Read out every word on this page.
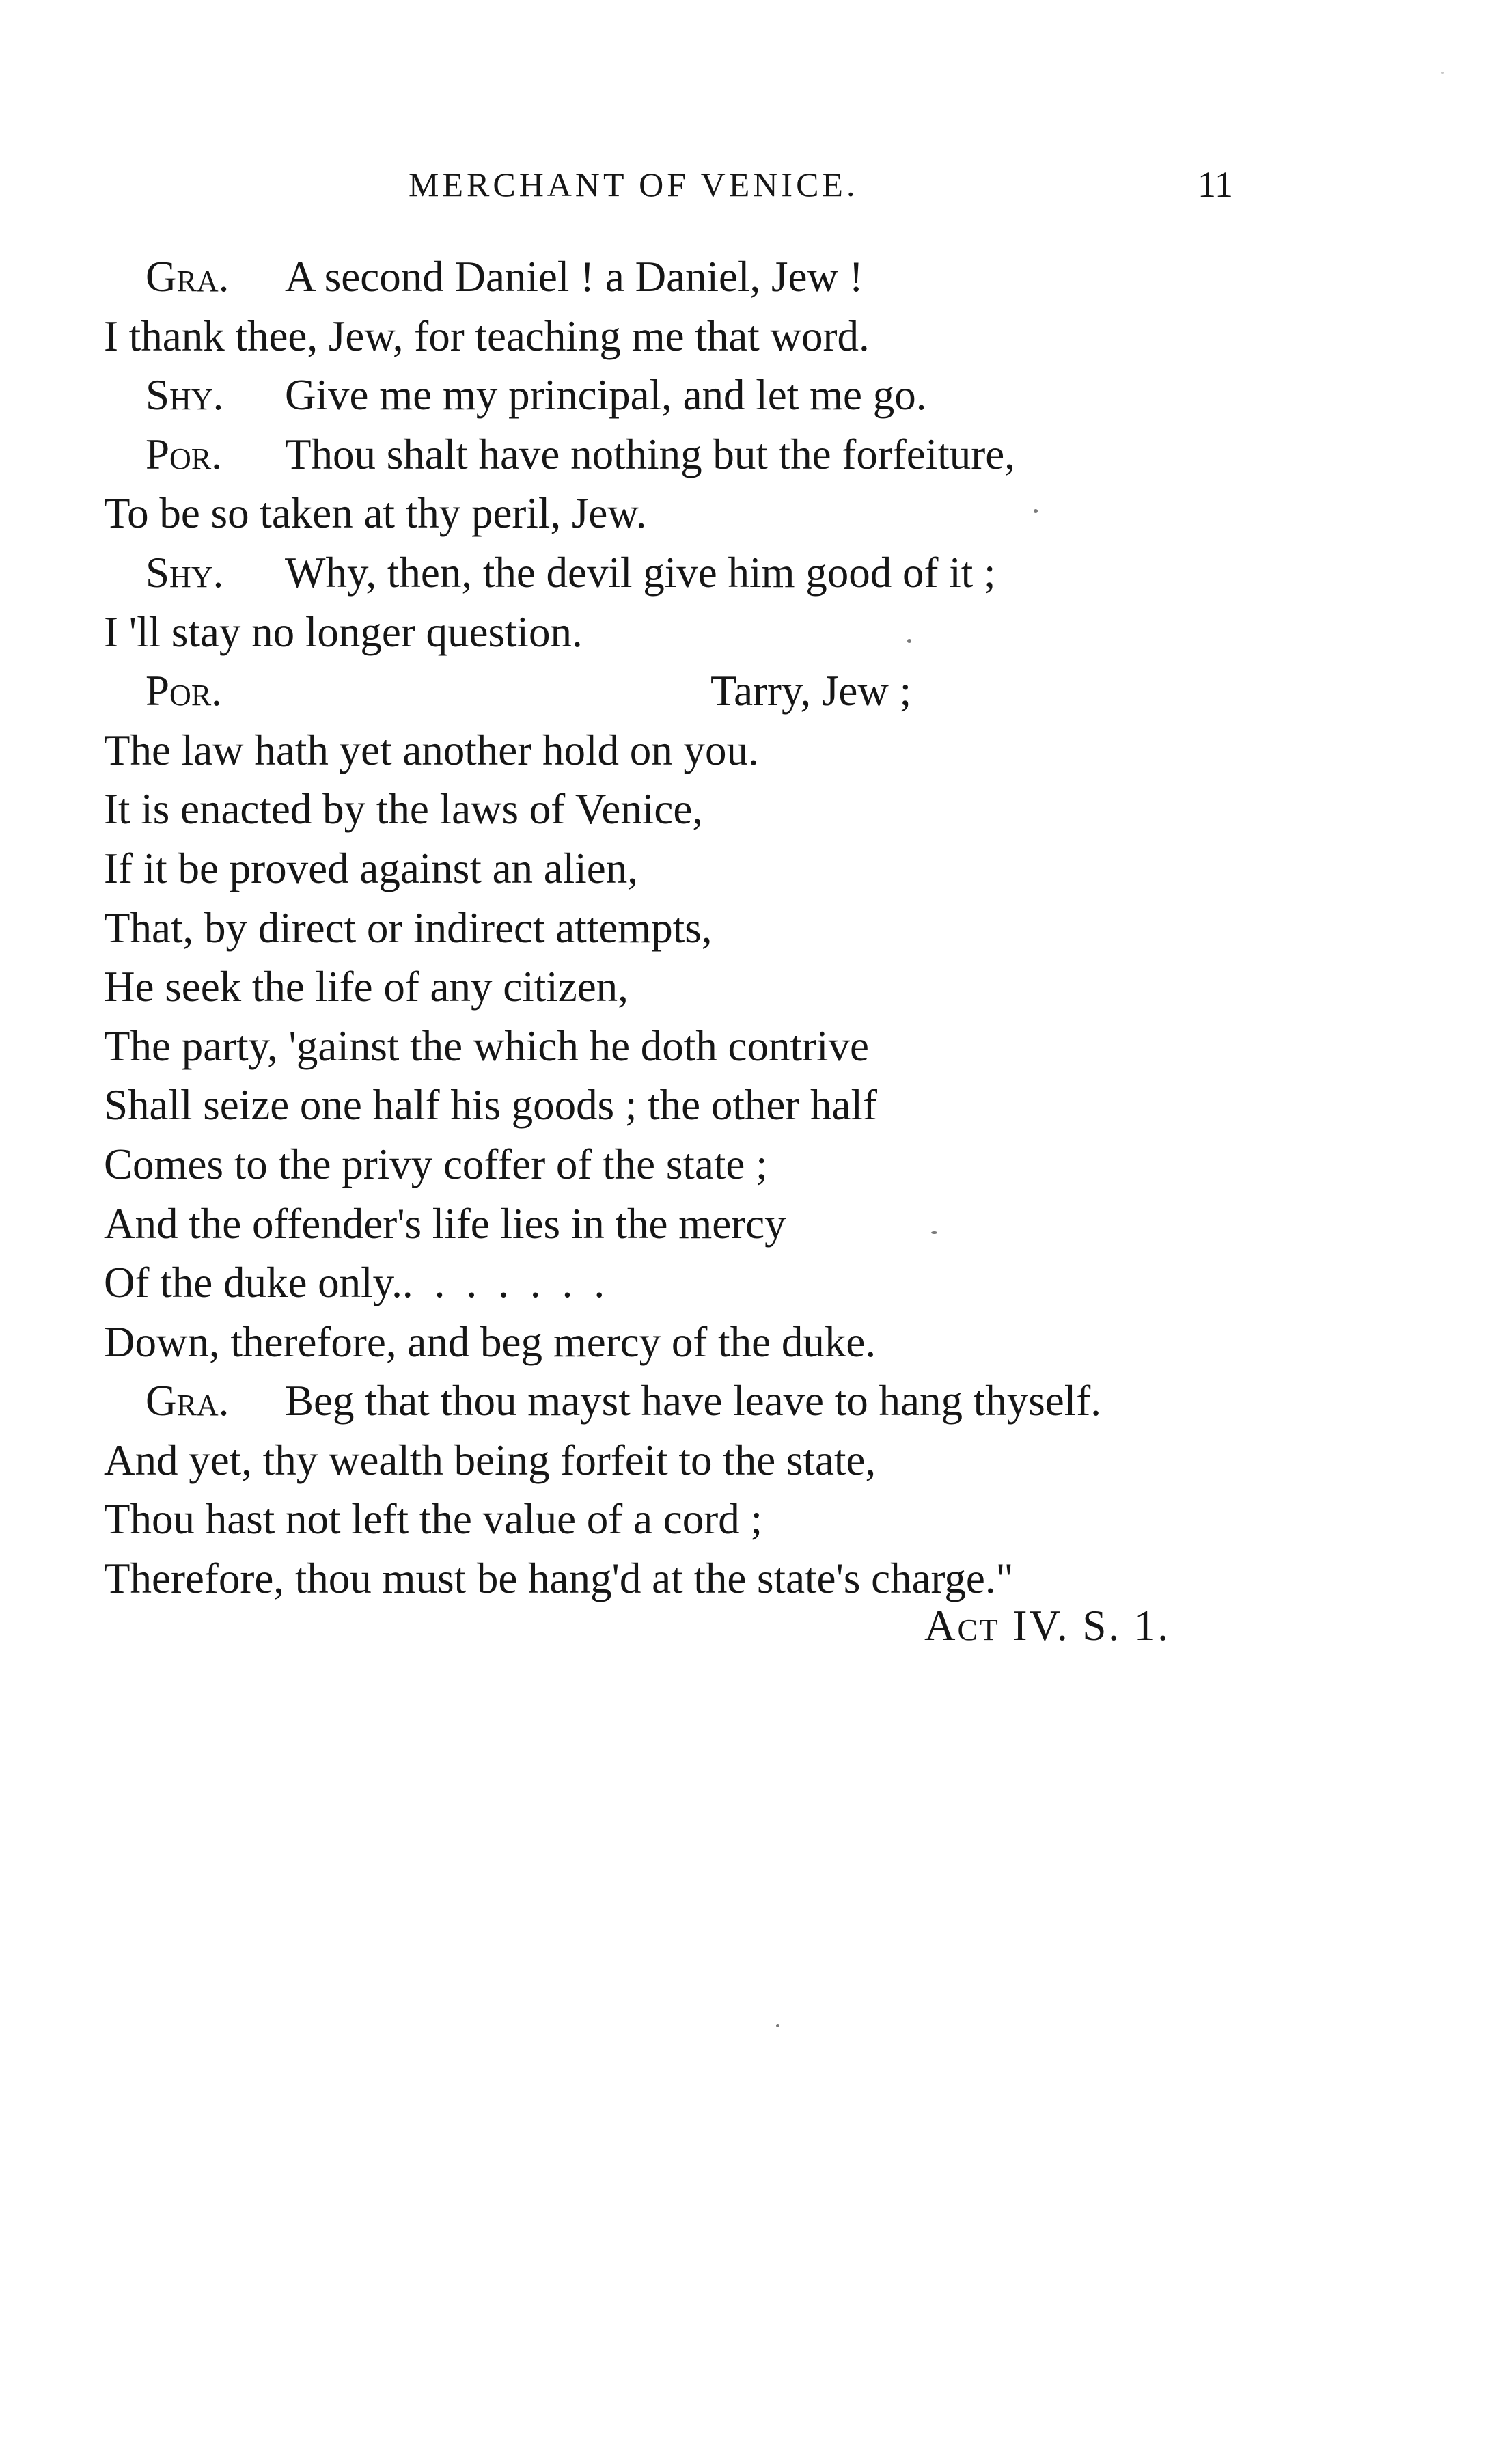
MERCHANT OF VENICE.	11
Gra. A second Daniel ! a Daniel, Jew !
I thank thee, Jew, for teaching me that word.
Shy. Give me my principal, and let me go.
Por. Thou shalt have nothing but the forfeiture,
To be so taken at thy peril, Jew.
Shy. Why, then, the devil give him good of it ;
I 'll stay no longer question.
Por.	Tarry, Jew ;
The law hath yet another hold on you.
It is enacted by the laws of Venice,
If it be proved against an alien,
That, by direct or indirect attempts,
He seek the life of any citizen,
The party, 'gainst the which he doth contrive
Shall seize one half his goods ; the other half
Comes to the privy coffer of the state ;
And the offender's life lies in the mercy
Of the duke only........
Down, therefore, and beg mercy of the duke.
Gra. Beg that thou mayst have leave to hang thyself.
And yet, thy wealth being forfeit to the state,
Thou hast not left the value of a cord ;
Therefore, thou must be hang'd at the state's charge."
Act IV. S. 1.
